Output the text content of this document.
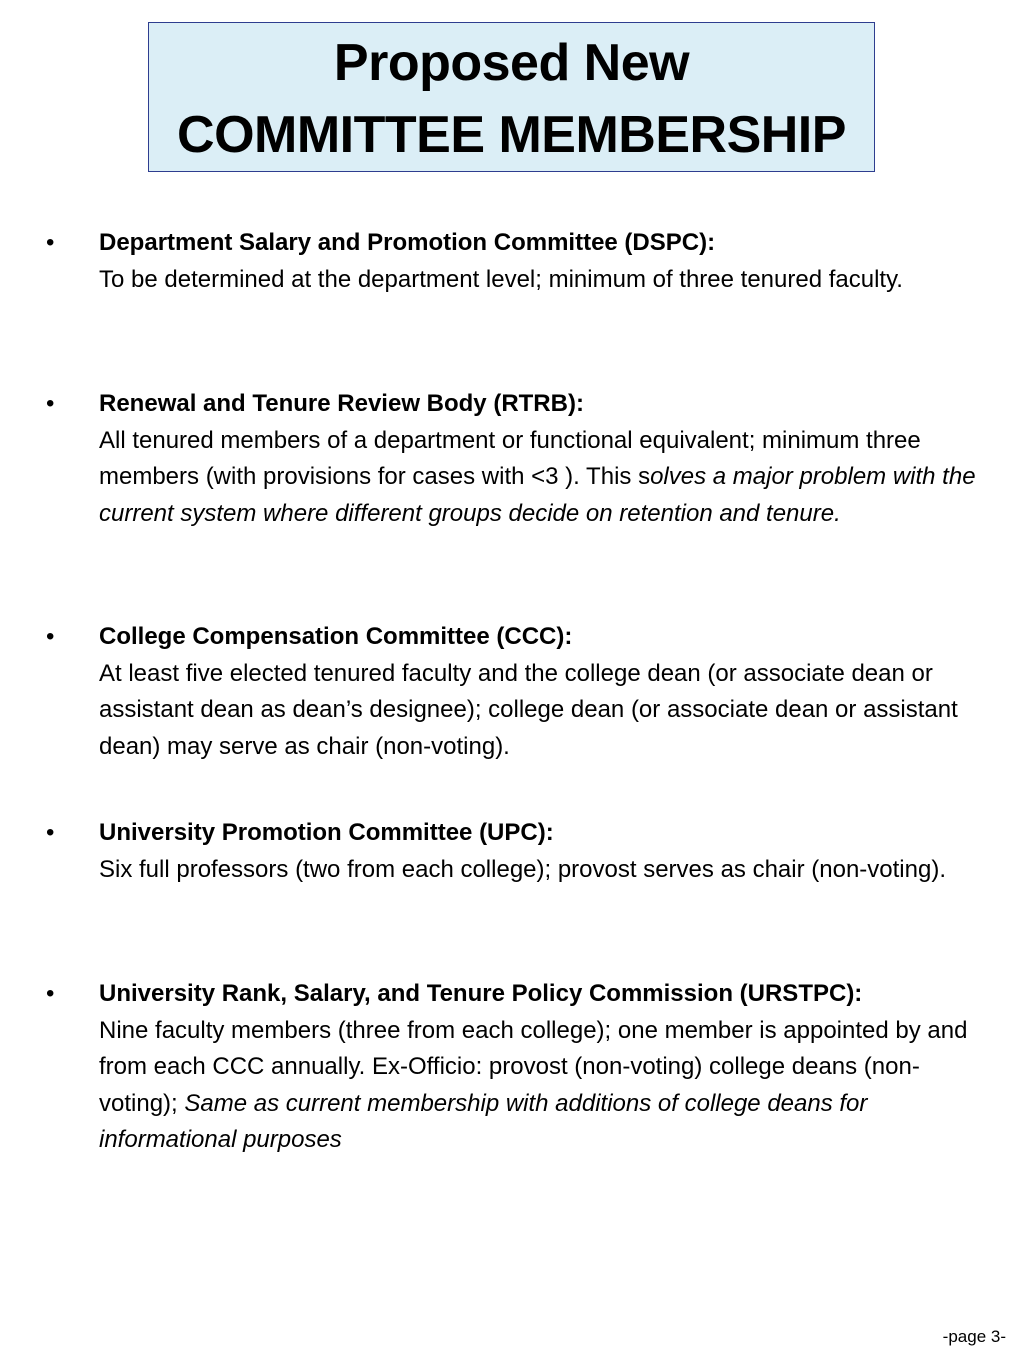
Proposed New
COMMITTEE MEMBERSHIP
• Department Salary and Promotion Committee (DSPC):
To be determined at the department level; minimum of three tenured faculty.
• Renewal and Tenure Review Body (RTRB):
All tenured members of a department or functional equivalent; minimum three members (with provisions for cases with <3 ). This solves a major problem with the current system where different groups decide on retention and tenure.
• College Compensation Committee (CCC):
At least five elected tenured faculty and the college dean (or associate dean or assistant dean as dean’s designee); college dean (or associate dean or assistant dean) may serve as chair (non-voting).
• University Promotion Committee (UPC):
Six full professors (two from each college); provost serves as chair (non-voting).
• University Rank, Salary, and Tenure Policy Commission (URSTPC):
Nine faculty members (three from each college); one member is appointed by and from each CCC annually. Ex-Officio: provost (non-voting) college deans (non-voting); Same as current membership with additions of college deans for informational purposes
-page 3-
